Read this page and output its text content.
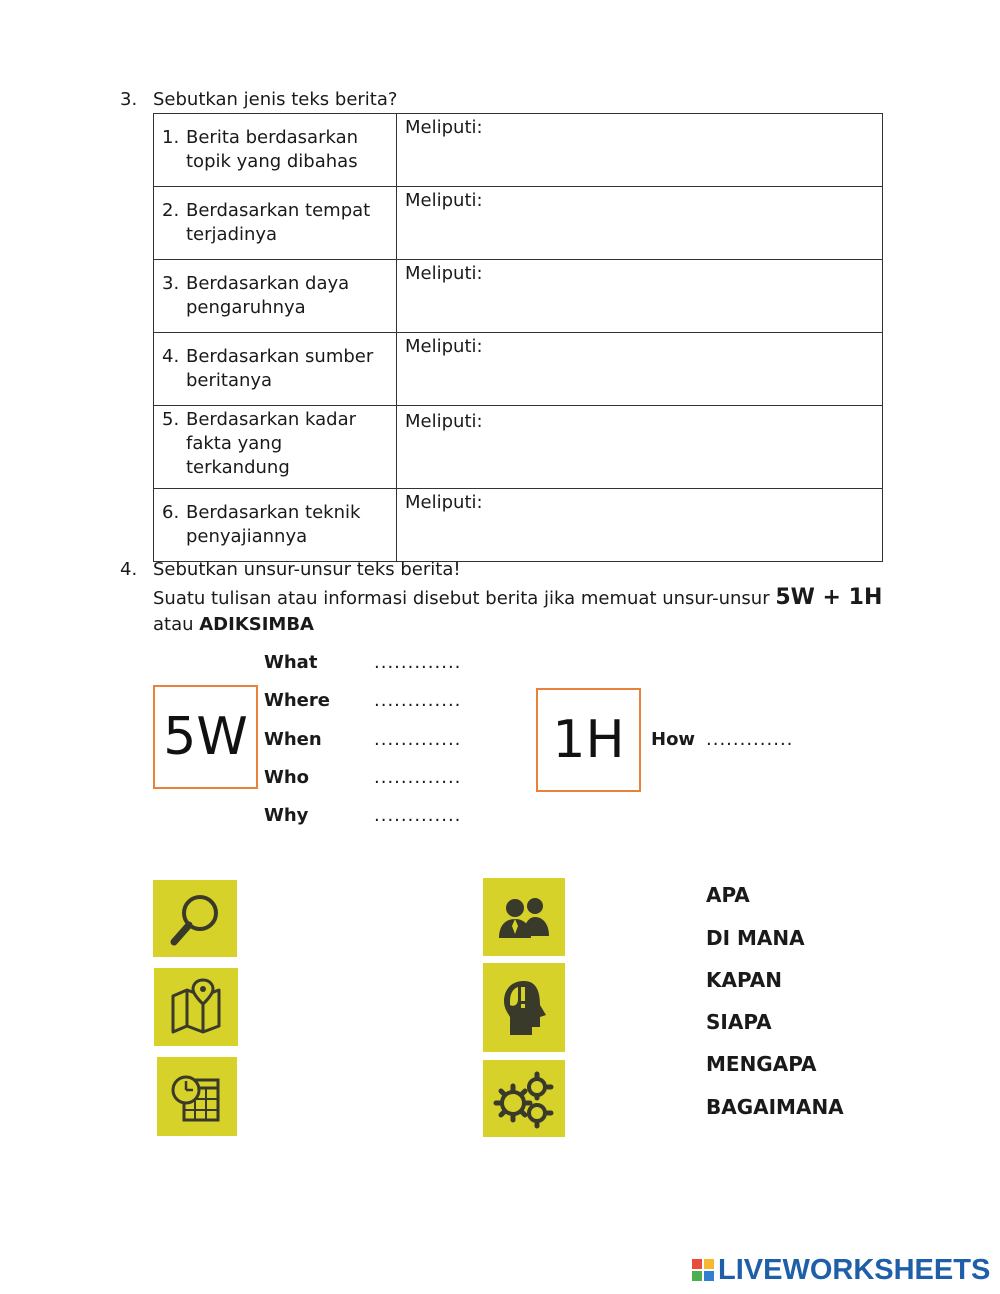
3. Sebutkan jenis teks berita?
1. Berita berdasarkan topik yang dibahas	Meliputi:
2. Berdasarkan tempat terjadinya	Meliputi:
3. Berdasarkan daya pengaruhnya	Meliputi:
4. Berdasarkan sumber beritanya	Meliputi:
5. Berdasarkan kadar fakta yang terkandung	Meliputi:
6. Berdasarkan teknik penyajiannya	Meliputi:
4. Sebutkan unsur-unsur teks berita!
Suatu tulisan atau informasi disebut berita jika memuat unsur-unsur 5W + 1H
atau ADIKSIMBA
5W
What	.............
Where .............
When	.............
Who	.............
Why	.............
1H	How .............
APA
DI MANA
KAPAN
SIAPA
MENGAPA
BAGAIMANA
LIVEWORKSHEETS
